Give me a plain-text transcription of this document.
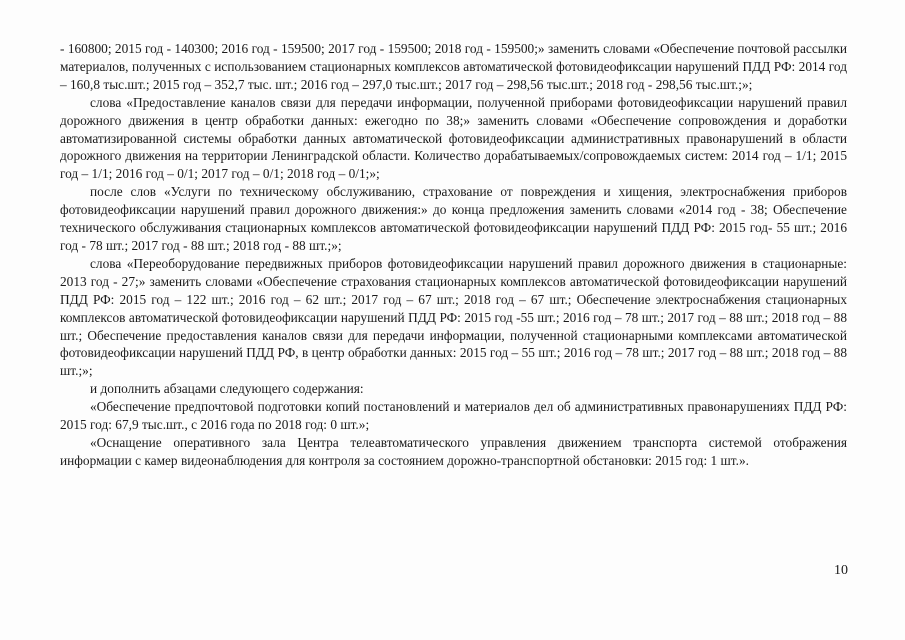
- 160800; 2015 год - 140300; 2016 год - 159500; 2017 год - 159500; 2018 год - 159500;» заменить словами «Обеспечение почтовой рассылки материалов, полученных с использованием стационарных комплексов автоматической фотовидеофиксации нарушений ПДД РФ: 2014 год – 160,8 тыс.шт.; 2015 год – 352,7 тыс. шт.; 2016 год – 297,0 тыс.шт.; 2017 год – 298,56 тыс.шт.; 2018 год - 298,56 тыс.шт.;»;

слова «Предоставление каналов связи для передачи информации, полученной приборами фотовидеофиксации нарушений правил дорожного движения в центр обработки данных: ежегодно по 38;» заменить словами «Обеспечение сопровождения и доработки автоматизированной системы обработки данных автоматической фотовидеофиксации административных правонарушений в области дорожного движения на территории Ленинградской области. Количество дорабатываемых/сопровождаемых систем: 2014 год – 1/1; 2015 год – 1/1; 2016 год – 0/1; 2017 год – 0/1; 2018 год – 0/1;»;

после слов «Услуги по техническому обслуживанию, страхование от повреждения и хищения, электроснабжения приборов фотовидеофиксации нарушений правил дорожного движения:» до конца предложения заменить словами «2014 год - 38; Обеспечение технического обслуживания стационарных комплексов автоматической фотовидеофиксации нарушений ПДД РФ: 2015 год- 55 шт.; 2016 год - 78 шт.; 2017 год - 88 шт.; 2018 год - 88 шт.;»;

слова «Переоборудование передвижных приборов фотовидеофиксации нарушений правил дорожного движения в стационарные: 2013 год - 27;» заменить словами «Обеспечение страхования стационарных комплексов автоматической фотовидеофиксации нарушений ПДД РФ: 2015 год – 122 шт.; 2016 год – 62 шт.; 2017 год – 67 шт.; 2018 год – 67 шт.; Обеспечение электроснабжения стационарных комплексов автоматической фотовидеофиксации нарушений ПДД РФ: 2015 год -55 шт.; 2016 год – 78 шт.; 2017 год – 88 шт.; 2018 год – 88 шт.; Обеспечение предоставления каналов связи для передачи информации, полученной стационарными комплексами автоматической фотовидеофиксации нарушений ПДД РФ, в центр обработки данных: 2015 год – 55 шт.; 2016 год – 78 шт.; 2017 год – 88 шт.; 2018 год – 88 шт.;»;

и дополнить абзацами следующего содержания:

«Обеспечение предпочтовой подготовки копий постановлений и материалов дел об административных правонарушениях ПДД РФ: 2015 год: 67,9 тыс.шт., с 2016 года по 2018 год: 0 шт.»;

«Оснащение оперативного зала Центра телеавтоматического управления движением транспорта системой отображения информации с камер видеонаблюдения для контроля за состоянием дорожно-транспортной обстановки: 2015 год: 1 шт.».

10
